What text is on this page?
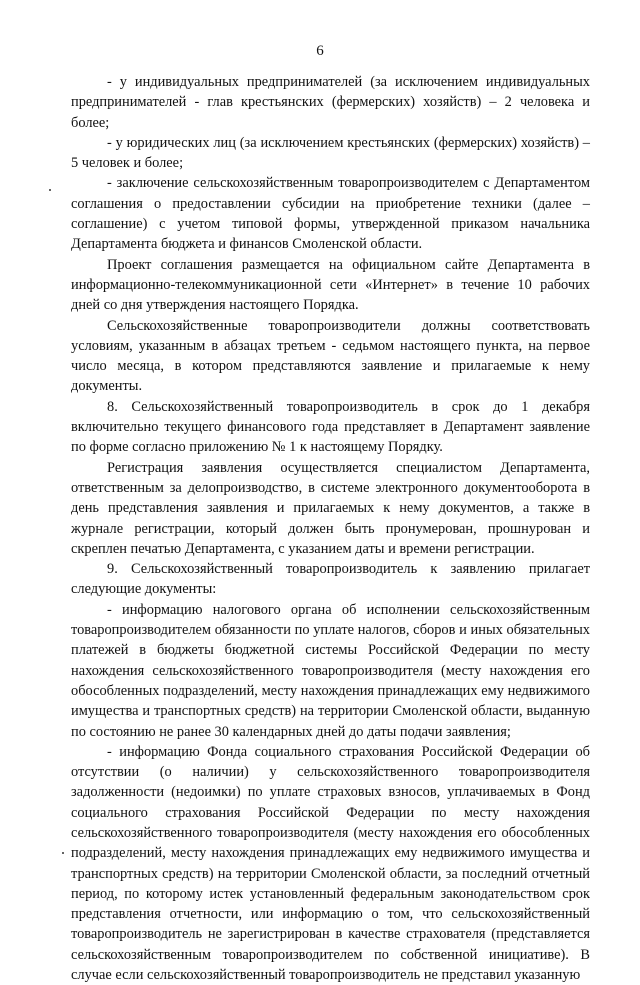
6

- у индивидуальных предпринимателей (за исключением индивидуальных предпринимателей - глав крестьянских (фермерских) хозяйств) – 2 человека и более;

- у юридических лиц (за исключением крестьянских (фермерских) хозяйств) – 5 человек и более;

- заключение сельскохозяйственным товаропроизводителем с Департаментом соглашения о предоставлении субсидии на приобретение техники (далее – соглашение) с учетом типовой формы, утвержденной приказом начальника Департамента бюджета и финансов Смоленской области.

Проект соглашения размещается на официальном сайте Департамента в информационно-телекоммуникационной сети «Интернет» в течение 10 рабочих дней со дня утверждения настоящего Порядка.

Сельскохозяйственные товаропроизводители должны соответствовать условиям, указанным в абзацах третьем - седьмом настоящего пункта, на первое число месяца, в котором представляются заявление и прилагаемые к нему документы.

8. Сельскохозяйственный товаропроизводитель в срок до 1 декабря включительно текущего финансового года представляет в Департамент заявление по форме согласно приложению № 1 к настоящему Порядку.

Регистрация заявления осуществляется специалистом Департамента, ответственным за делопроизводство, в системе электронного документооборота в день представления заявления и прилагаемых к нему документов, а также в журнале регистрации, который должен быть пронумерован, прошнурован и скреплен печатью Департамента, с указанием даты и времени регистрации.

9. Сельскохозяйственный товаропроизводитель к заявлению прилагает следующие документы:

- информацию налогового органа об исполнении сельскохозяйственным товаропроизводителем обязанности по уплате налогов, сборов и иных обязательных платежей в бюджеты бюджетной системы Российской Федерации по месту нахождения сельскохозяйственного товаропроизводителя (месту нахождения его обособленных подразделений, месту нахождения принадлежащих ему недвижимого имущества и транспортных средств) на территории Смоленской области, выданную по состоянию не ранее 30 календарных дней до даты подачи заявления;

- информацию Фонда социального страхования Российской Федерации об отсутствии (о наличии) у сельскохозяйственного товаропроизводителя задолженности (недоимки) по уплате страховых взносов, уплачиваемых в Фонд социального страхования Российской Федерации по месту нахождения сельскохозяйственного товаропроизводителя (месту нахождения его обособленных подразделений, месту нахождения принадлежащих ему недвижимого имущества и транспортных средств) на территории Смоленской области, за последний отчетный период, по которому истек установленный федеральным законодательством срок представления отчетности, или информацию о том, что сельскохозяйственный товаропроизводитель не зарегистрирован в качестве страхователя (представляется сельскохозяйственным товаропроизводителем по собственной инициативе). В случае если сельскохозяйственный товаропроизводитель не представил указанную
